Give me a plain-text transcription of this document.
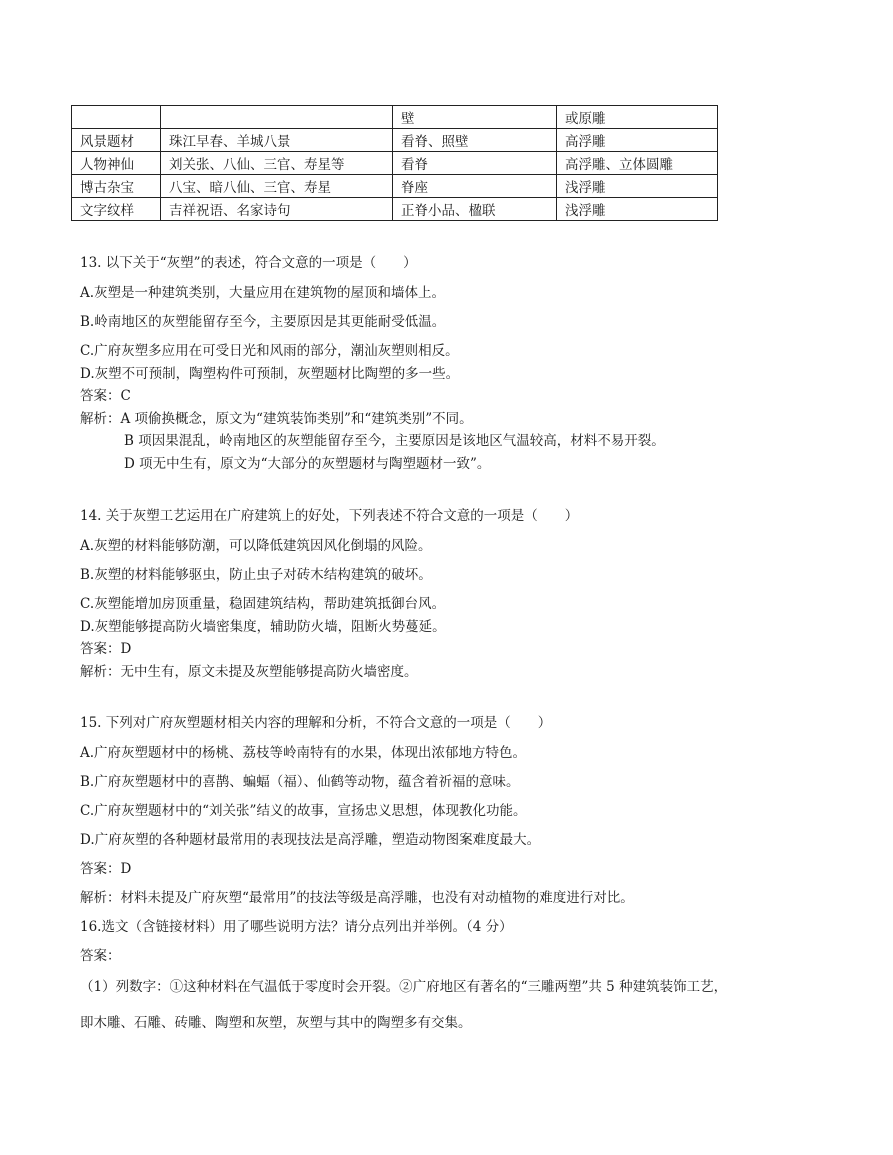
		壁	或原雕
风景题材	珠江早春、羊城八景	看脊、照壁	高浮雕
人物神仙	刘关张、八仙、三官、寿星等	看脊	高浮雕、立体圆雕
博古杂宝	八宝、暗八仙、三官、寿星	脊座	浅浮雕
文字纹样	吉祥祝语、名家诗句	正脊小品、楹联	浅浮雕
13. 以下关于“灰塑”的表述，符合文意的一项是（　　）
A.灰塑是一种建筑类别，大量应用在建筑物的屋顶和墙体上。
B.岭南地区的灰塑能留存至今，主要原因是其更能耐受低温。
C.广府灰塑多应用在可受日光和风雨的部分，潮汕灰塑则相反。
D.灰塑不可预制，陶塑构件可预制，灰塑题材比陶塑的多一些。
答案：C
解析：A 项偷换概念，原文为“建筑装饰类别”和“建筑类别”不同。
B 项因果混乱，岭南地区的灰塑能留存至今，主要原因是该地区气温较高，材料不易开裂。
D 项无中生有，原文为“大部分的灰塑题材与陶塑题材一致”。
14. 关于灰塑工艺运用在广府建筑上的好处，下列表述不符合文意的一项是（　　）
A.灰塑的材料能够防潮，可以降低建筑因风化倒塌的风险。
B.灰塑的材料能够驱虫，防止虫子对砖木结构建筑的破坏。
C.灰塑能增加房顶重量，稳固建筑结构，帮助建筑抵御台风。
D.灰塑能够提高防火墙密集度，辅助防火墙，阻断火势蔓延。
答案：D
解析：无中生有，原文未提及灰塑能够提高防火墙密度。
15. 下列对广府灰塑题材相关内容的理解和分析，不符合文意的一项是（　　）
A.广府灰塑题材中的杨桃、荔枝等岭南特有的水果，体现出浓郁地方特色。
B.广府灰塑题材中的喜鹊、蝙蝠（福）、仙鹤等动物，蕴含着祈福的意味。
C.广府灰塑题材中的“刘关张”结义的故事，宣扬忠义思想，体现教化功能。
D.广府灰塑的各种题材最常用的表现技法是高浮雕，塑造动物图案难度最大。
答案：D
解析：材料未提及广府灰塑“最常用”的技法等级是高浮雕，也没有对动植物的难度进行对比。
16.选文（含链接材料）用了哪些说明方法？请分点列出并举例。（4 分）
答案：
（1）列数字：①这种材料在气温低于零度时会开裂。②广府地区有著名的“三雕两塑”共 5 种建筑装饰工艺，
即木雕、石雕、砖雕、陶塑和灰塑，灰塑与其中的陶塑多有交集。
